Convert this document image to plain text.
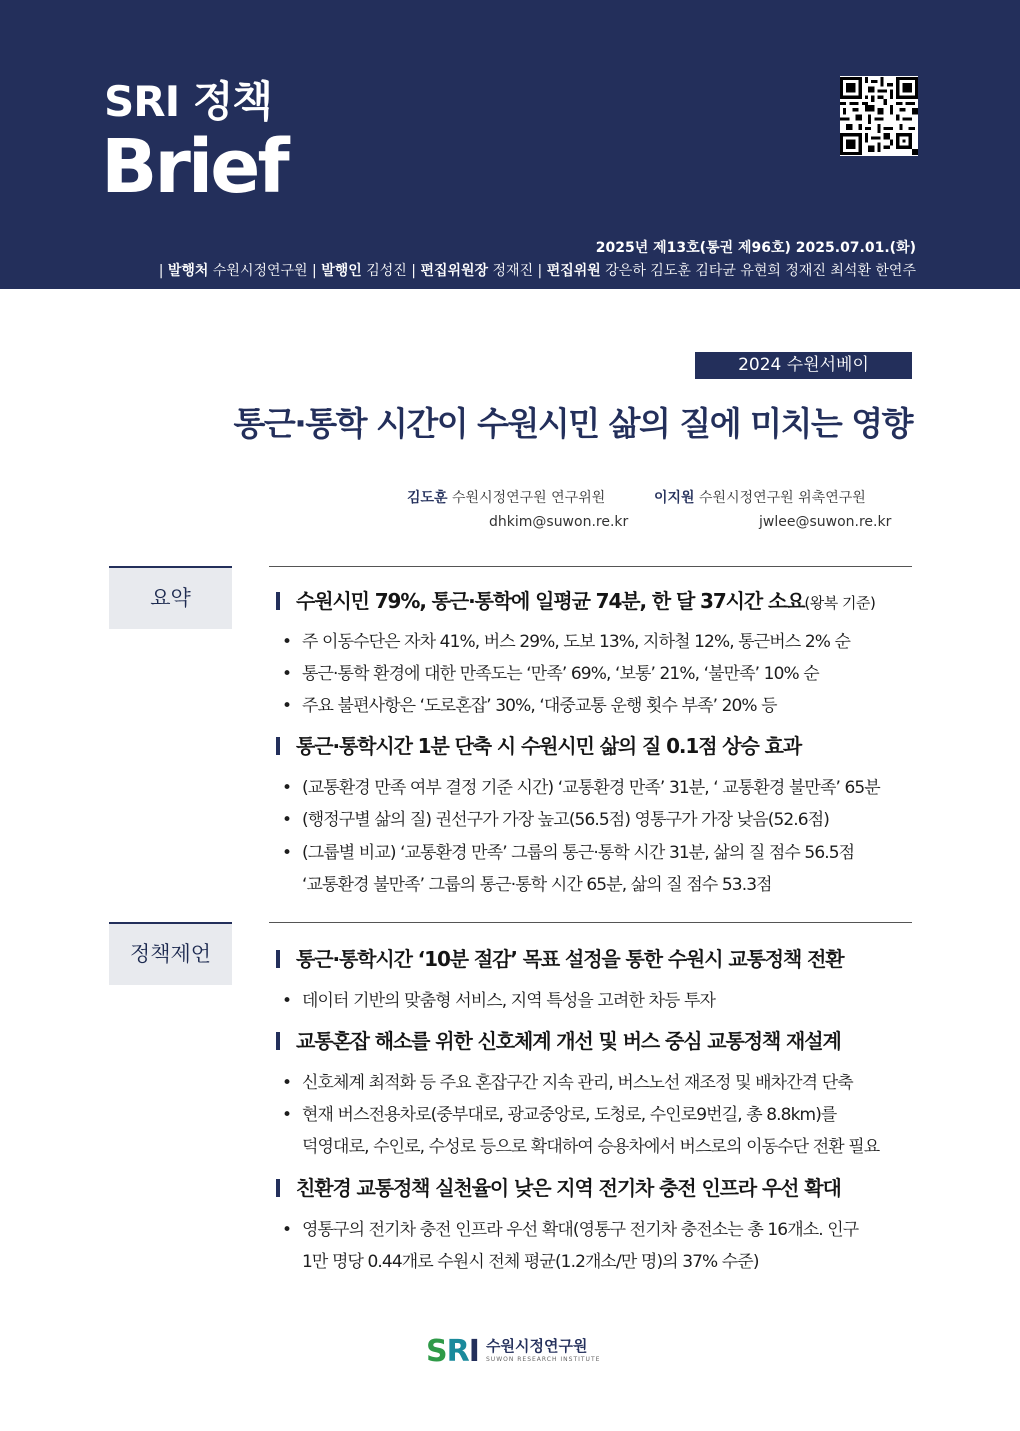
SRI 정책
Brief
2025년 제13호(통권 제96호) 2025.07.01.(화)
| 발행처 수원시정연구원 | 발행인 김성진 | 편집위원장 정재진 | 편집위원 강은하 김도훈 김타균 유현희 정재진 최석환 한연주
2024 수원서베이
통근·통학 시간이 수원시민 삶의 질에 미치는 영향
김도훈 수원시정연구원 연구위원	이지원 수원시정연구원 위촉연구원
dhkim@suwon.re.kr	jwlee@suwon.re.kr
요약	수원시민 79%, 통근·통학에 일평균 74분, 한 달 37시간 소요(왕복 기준)
• 주 이동수단은 자차 41%, 버스 29%, 도보 13%, 지하철 12%, 통근버스 2% 순
• 통근·통학 환경에 대한 만족도는 ‘만족’ 69%, ‘보통’ 21%, ‘불만족’ 10% 순
• 주요 불편사항은 ‘도로혼잡’ 30%, ‘대중교통 운행 횟수 부족’ 20% 등
통근·통학시간 1분 단축 시 수원시민 삶의 질 0.1점 상승 효과
• (교통환경 만족 여부 결정 기준 시간) ‘교통환경 만족’ 31분, ‘ 교통환경 불만족’ 65분
• (행정구별 삶의 질) 권선구가 가장 높고(56.5점) 영통구가 가장 낮음(52.6점)
• (그룹별 비교) ‘교통환경 만족’ 그룹의 통근·통학 시간 31분, 삶의 질 점수 56.5점
‘교통환경 불만족’ 그룹의 통근·통학 시간 65분, 삶의 질 점수 53.3점
정책제언	통근·통학시간 ‘10분 절감’ 목표 설정을 통한 수원시 교통정책 전환
• 데이터 기반의 맞춤형 서비스, 지역 특성을 고려한 차등 투자
교통혼잡 해소를 위한 신호체계 개선 및 버스 중심 교통정책 재설계
• 신호체계 최적화 등 주요 혼잡구간 지속 관리, 버스노선 재조정 및 배차간격 단축
• 현재 버스전용차로(중부대로, 광교중앙로, 도청로, 수인로9번길, 총 8.8km)를
덕영대로, 수인로, 수성로 등으로 확대하여 승용차에서 버스로의 이동수단 전환 필요
친환경 교통정책 실천율이 낮은 지역 전기차 충전 인프라 우선 확대
• 영통구의 전기차 충전 인프라 우선 확대(영통구 전기차 충전소는 총 16개소. 인구
1만 명당 0.44개로 수원시 전체 평균(1.2개소/만 명)의 37% 수준)
SRI 수원시정연구원
SUWON RESEARCH INSTITUTE
